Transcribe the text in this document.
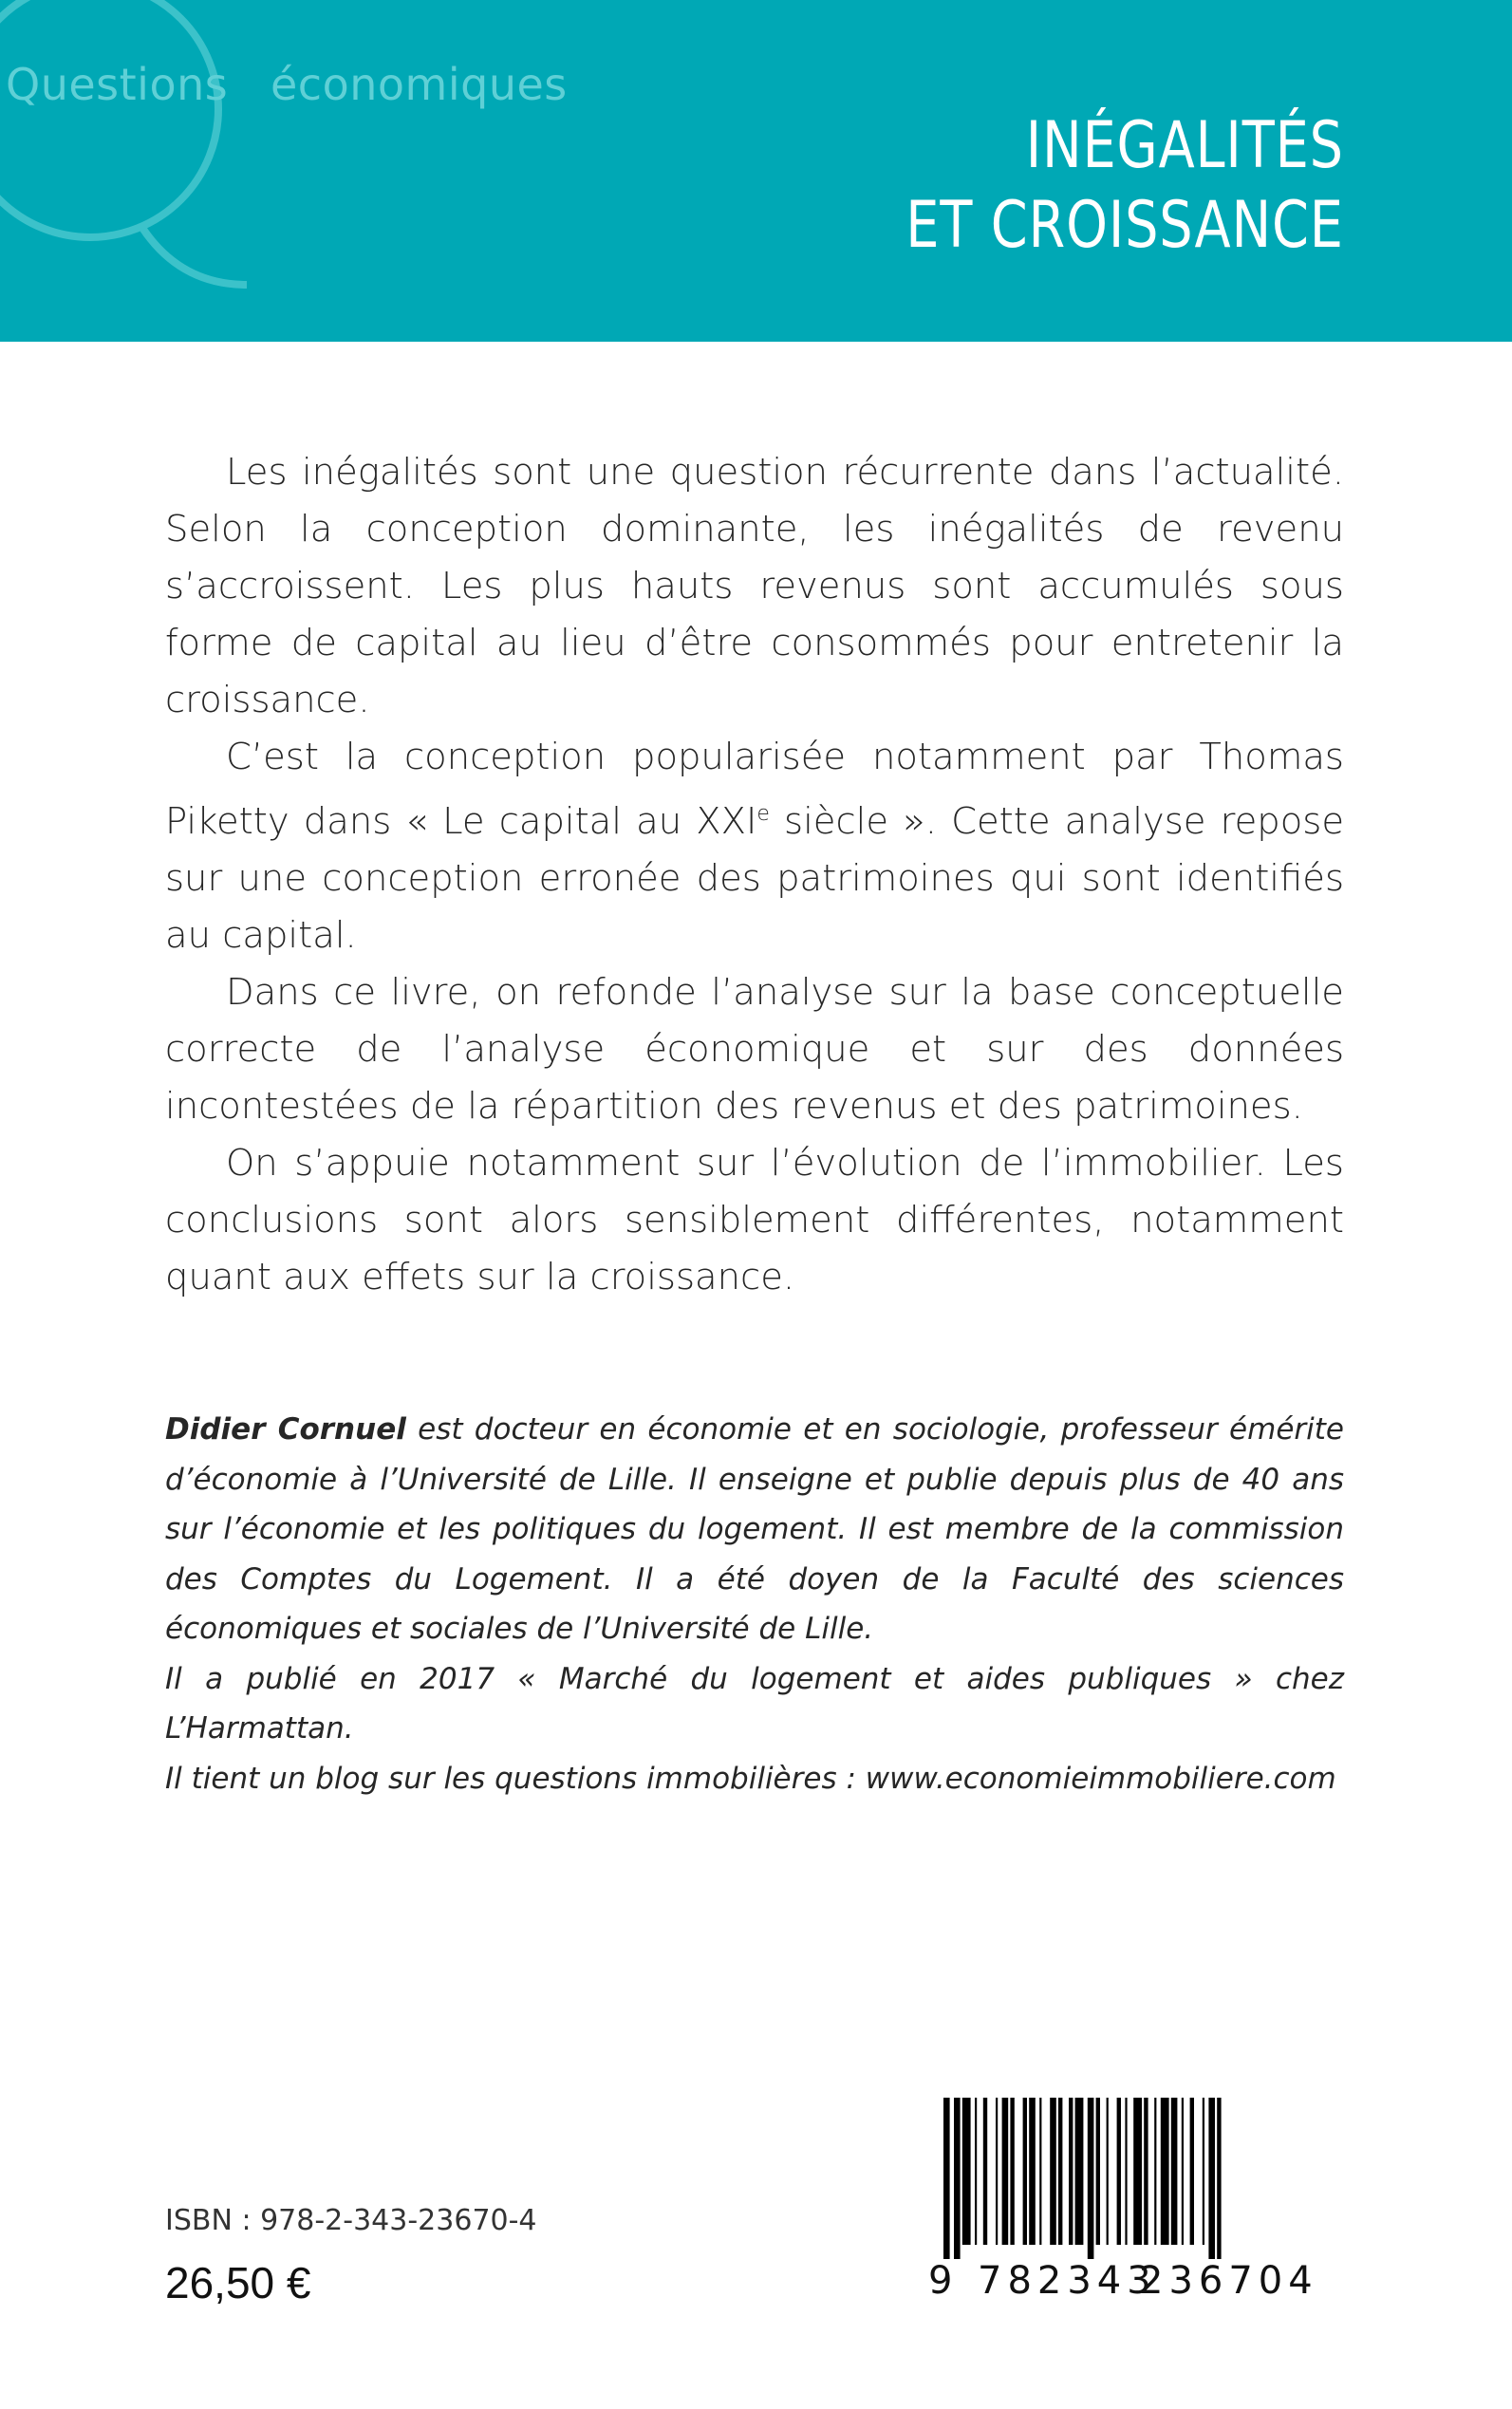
Questions économiques
INÉGALITÉS
ET CROISSANCE

Les inégalités sont une question récurrente dans l’actualité. Selon la conception dominante, les inégalités de revenu s’accroissent. Les plus hauts revenus sont accumulés sous forme de capital au lieu d’être consommés pour entretenir la croissance.

C’est la conception popularisée notamment par Thomas Piketty dans « Le capital au XXIe siècle ». Cette analyse repose sur une conception erronée des patrimoines qui sont identifiés au capital.

Dans ce livre, on refonde l’analyse sur la base conceptuelle correcte de l’analyse économique et sur des données incontestées de la répartition des revenus et des patrimoines.

On s’appuie notamment sur l’évolution de l’immobilier. Les conclusions sont alors sensiblement différentes, notamment quant aux effets sur la croissance.

Didier Cornuel est docteur en économie et en sociologie, professeur émérite d’économie à l’Université de Lille. Il enseigne et publie depuis plus de 40 ans sur l’économie et les politiques du logement. Il est membre de la commission des Comptes du Logement. Il a été doyen de la Faculté des sciences économiques et sociales de l’Université de Lille.

Il a publié en 2017 « Marché du logement et aides publiques » chez L’Harmattan.

Il tient un blog sur les questions immobilières : www.economieimmobiliere.com

9 782343
236704
ISBN : 978-2-343-23670-4
26,50 €
